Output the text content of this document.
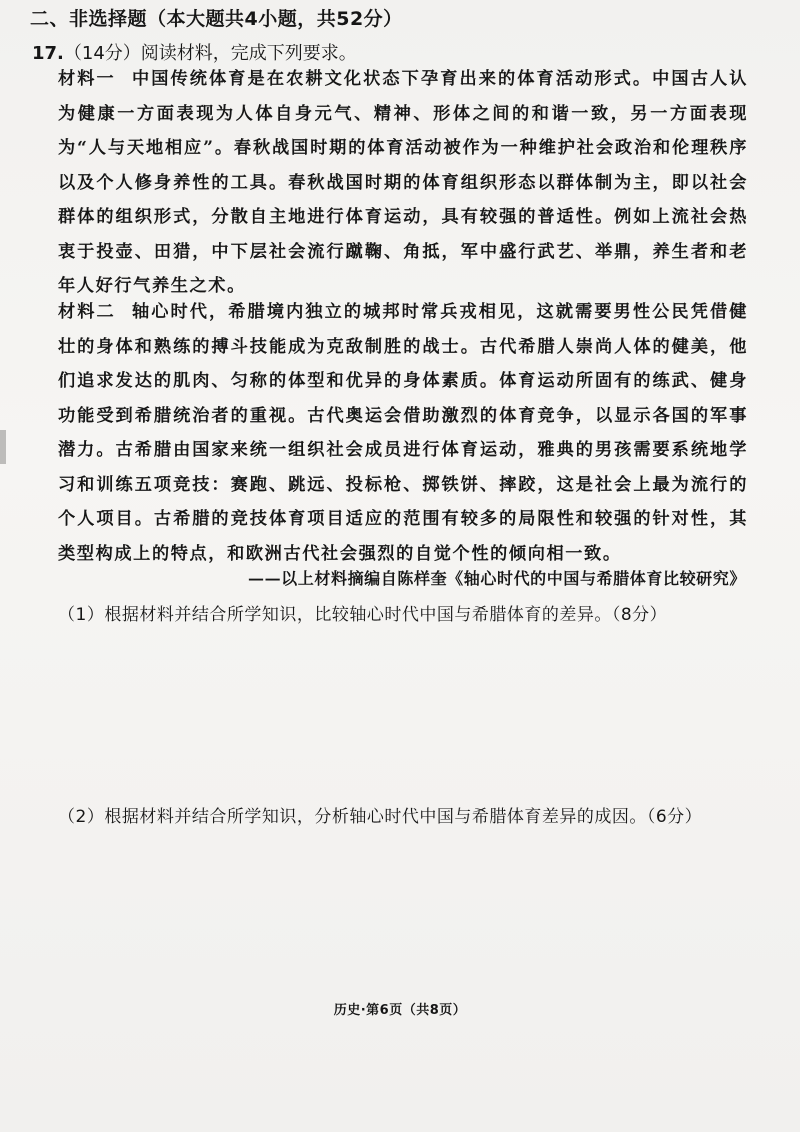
二、非选择题（本大题共4小题，共52分）
17.（14分）阅读材料，完成下列要求。
材料一 中国传统体育是在农耕文化状态下孕育出来的体育活动形式。中国古人认为健康一方面表现为人体自身元气、精神、形体之间的和谐一致，另一方面表现为“人与天地相应”。春秋战国时期的体育活动被作为一种维护社会政治和伦理秩序以及个人修身养性的工具。春秋战国时期的体育组织形态以群体制为主，即以社会群体的组织形式，分散自主地进行体育运动，具有较强的普适性。例如上流社会热衷于投壶、田猎，中下层社会流行蹴鞠、角抵，军中盛行武艺、举鼎，养生者和老年人好行气养生之术。
材料二 轴心时代，希腊境内独立的城邦时常兵戎相见，这就需要男性公民凭借健壮的身体和熟练的搏斗技能成为克敌制胜的战士。古代希腊人崇尚人体的健美，他们追求发达的肌肉、匀称的体型和优异的身体素质。体育运动所固有的练武、健身功能受到希腊统治者的重视。古代奥运会借助激烈的体育竞争，以显示各国的军事潜力。古希腊由国家来统一组织社会成员进行体育运动，雅典的男孩需要系统地学习和训练五项竞技：赛跑、跳远、投标枪、掷铁饼、摔跤，这是社会上最为流行的个人项目。古希腊的竞技体育项目适应的范围有较多的局限性和较强的针对性，其类型构成上的特点，和欧洲古代社会强烈的自觉个性的倾向相一致。
——以上材料摘编自陈样奎《轴心时代的中国与希腊体育比较研究》
（1）根据材料并结合所学知识，比较轴心时代中国与希腊体育的差异。（8分）
（2）根据材料并结合所学知识，分析轴心时代中国与希腊体育差异的成因。（6分）
历史·第6页（共8页）
